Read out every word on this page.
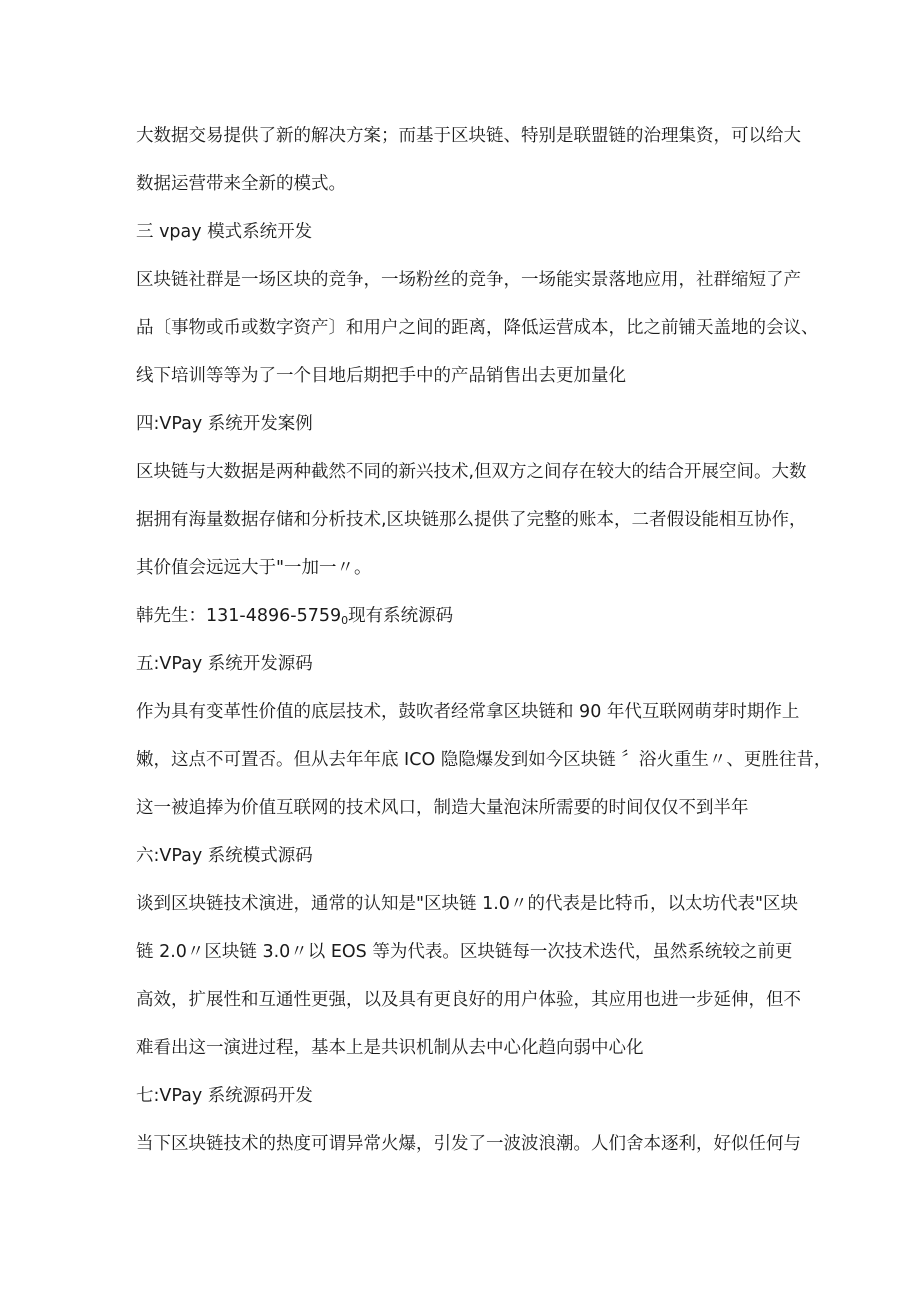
大数据交易提供了新的解决方案；而基于区块链、特别是联盟链的治理集资，可以给大
数据运营带来全新的模式。
三 vpay 模式系统开发
区块链社群是一场区块的竞争，一场粉丝的竞争，一场能实景落地应用，社群缩短了产
品〔事物或币或数字资产〕和用户之间的距离，降低运营成本，比之前铺天盖地的会议、
线下培训等等为了一个目地后期把手中的产品销售出去更加量化
四:VPay 系统开发案例
区块链与大数据是两种截然不同的新兴技术,但双方之间存在较大的结合开展空间。大数
据拥有海量数据存储和分析技术,区块链那么提供了完整的账本，二者假设能相互协作，
其价值会远远大于"一加一〃。
韩先生：$131-4896-5759_0$现有系统源码
五:VPay 系统开发源码
作为具有变革性价值的底层技术，鼓吹者经常拿区块链和 90 年代互联网萌芽时期作上
嫩，这点不可置否。但从去年年底 ICO 隐隐爆发到如今区块链 〞浴火重生〃、更胜往昔，
这一被追捧为价值互联网的技术风口，制造大量泡沫所需要的时间仅仅不到半年
六:VPay 系统模式源码
谈到区块链技术演进，通常的认知是"区块链 1.0〃的代表是比特币，以太坊代表"区块
链 2.0〃区块链 3.0〃以 EOS 等为代表。区块链每一次技术迭代，虽然系统较之前更
高效，扩展性和互通性更强，以及具有更良好的用户体验，其应用也进一步延伸，但不
难看出这一演进过程，基本上是共识机制从去中心化趋向弱中心化
七:VPay 系统源码开发
当下区块链技术的热度可谓异常火爆，引发了一波波浪潮。人们舍本逐利，好似任何与
